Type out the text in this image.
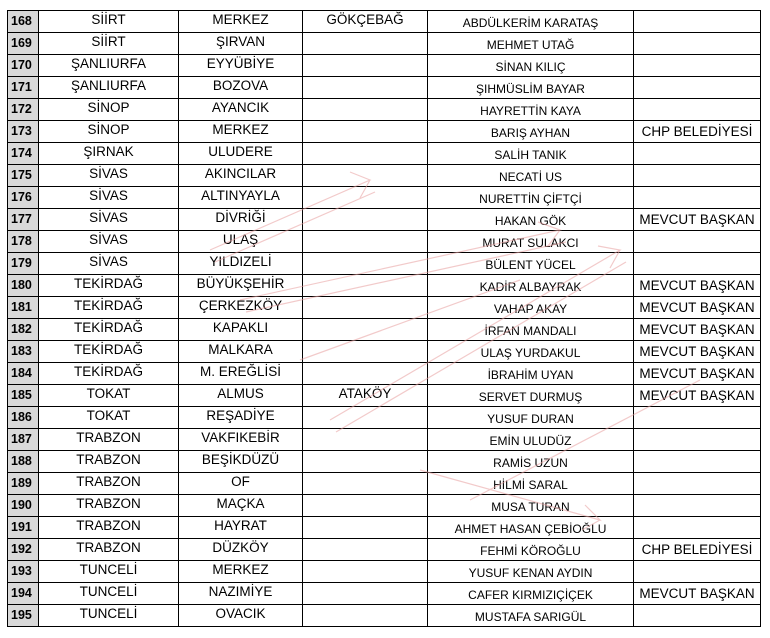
168	SİİRT	MERKEZ	GÖKÇEBAĞ	ABDÜLKERİM KARATAŞ	
169	SİİRT	ŞIRVAN		MEHMET UTAĞ	
170	ŞANLIURFA	EYYÜBİYE		SİNAN KILIÇ	
171	ŞANLIURFA	BOZOVA		ŞIHMÜSLİM BAYAR	
172	SİNOP	AYANCIK		HAYRETTİN KAYA	
173	SİNOP	MERKEZ		BARIŞ AYHAN	CHP BELEDİYESİ
174	ŞIRNAK	ULUDERE		SALİH TANIK	
175	SİVAS	AKINCILAR		NECATİ US	
176	SİVAS	ALTINYAYLA		NURETTİN ÇİFTÇİ	
177	SİVAS	DİVRİĞİ		HAKAN GÖK	MEVCUT BAŞKAN
178	SİVAS	ULAŞ		MURAT SULAKCI	
179	SİVAS	YILDIZELİ		BÜLENT YÜCEL	
180	TEKİRDAĞ	BÜYÜKŞEHİR		KADİR ALBAYRAK	MEVCUT BAŞKAN
181	TEKİRDAĞ	ÇERKEZKÖY		VAHAP AKAY	MEVCUT BAŞKAN
182	TEKİRDAĞ	KAPAKLI		İRFAN MANDALI	MEVCUT BAŞKAN
183	TEKİRDAĞ	MALKARA		ULAŞ YURDAKUL	MEVCUT BAŞKAN
184	TEKİRDAĞ	M. EREĞLİSİ		İBRAHİM UYAN	MEVCUT BAŞKAN
185	TOKAT	ALMUS	ATAKÖY	SERVET DURMUŞ	MEVCUT BAŞKAN
186	TOKAT	REŞADİYE		YUSUF DURAN	
187	TRABZON	VAKFIKEBİR		EMİN ULUDÜZ	
188	TRABZON	BEŞİKDÜZÜ		RAMİS UZUN	
189	TRABZON	OF		HİLMİ SARAL	
190	TRABZON	MAÇKA		MUSA TURAN	
191	TRABZON	HAYRAT		AHMET HASAN ÇEBİOĞLU	
192	TRABZON	DÜZKÖY		FEHMİ KÖROĞLU	CHP BELEDİYESİ
193	TUNCELİ	MERKEZ		YUSUF KENAN AYDIN	
194	TUNCELİ	NAZIMİYE		CAFER KIRMIZIÇİÇEK	MEVCUT BAŞKAN
195	TUNCELİ	OVACIK		MUSTAFA SARIGÜL	
